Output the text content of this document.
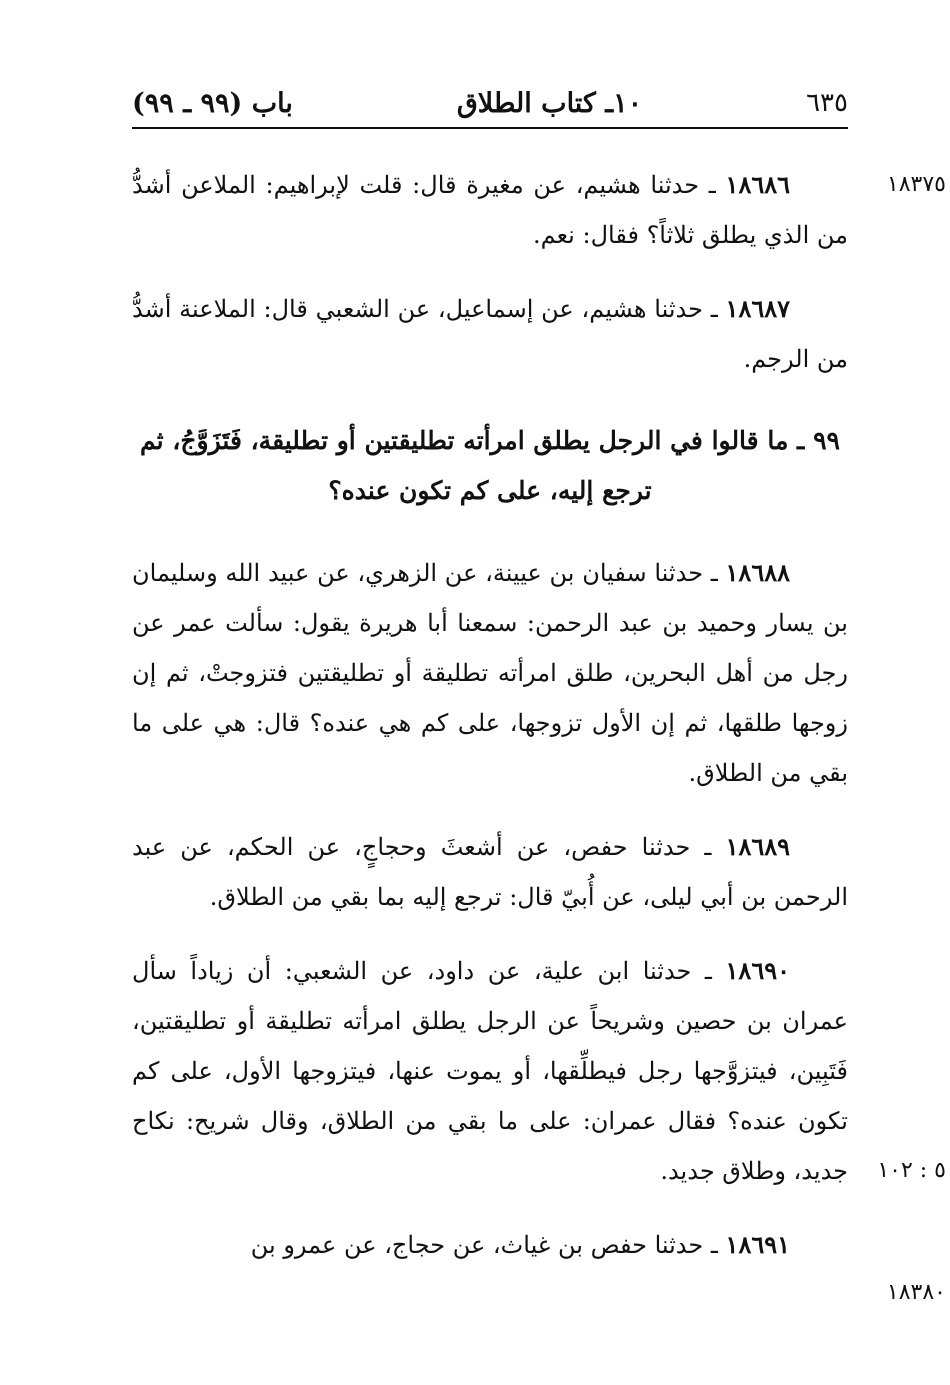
باب (٩٩ ـ ٩٩)	١٠ـ كتاب الطلاق	٦٣٥
١٨٣٧٥
٥ : ١٠٢
١٨٣٨٠

١٨٦٨٦ ـ حدثنا هشيم، عن مغيرة قال: قلت لإبراهيم: الملاعن أشدُّ من الذي يطلق ثلاثاً؟ فقال: نعم.

١٨٦٨٧ ـ حدثنا هشيم، عن إسماعيل، عن الشعبي قال: الملاعنة أشدُّ من الرجم.

٩٩ ـ ما قالوا في الرجل يطلق امرأته تطليقتين أو تطليقة، فَتَزَوَّجُ، ثم ترجع إليه، على كم تكون عنده؟

١٨٦٨٨ ـ حدثنا سفيان بن عيينة، عن الزهري، عن عبيد الله وسليمان بن يسار وحميد بن عبد الرحمن: سمعنا أبا هريرة يقول: سألت عمر عن رجل من أهل البحرين، طلق امرأته تطليقة أو تطليقتين فتزوجتْ، ثم إن زوجها طلقها، ثم إن الأول تزوجها، على كم هي عنده؟ قال: هي على ما بقي من الطلاق.

١٨٦٨٩ ـ حدثنا حفص، عن أشعثَ وحجاجٍ، عن الحكم، عن عبد الرحمن بن أبي ليلى، عن أُبيّ قال: ترجع إليه بما بقي من الطلاق.

١٨٦٩٠ ـ حدثنا ابن علية، عن داود، عن الشعبي: أن زياداً سأل عمران بن حصين وشريحاً عن الرجل يطلق امرأته تطليقة أو تطليقتين، فَتَبِين، فيتزوَّجها رجل فيطلِّقها، أو يموت عنها، فيتزوجها الأول، على كم تكون عنده؟ فقال عمران: على ما بقي من الطلاق، وقال شريح: نكاح جديد، وطلاق جديد.

١٨٦٩١ ـ حدثنا حفص بن غياث، عن حجاج، عن عمرو بن
